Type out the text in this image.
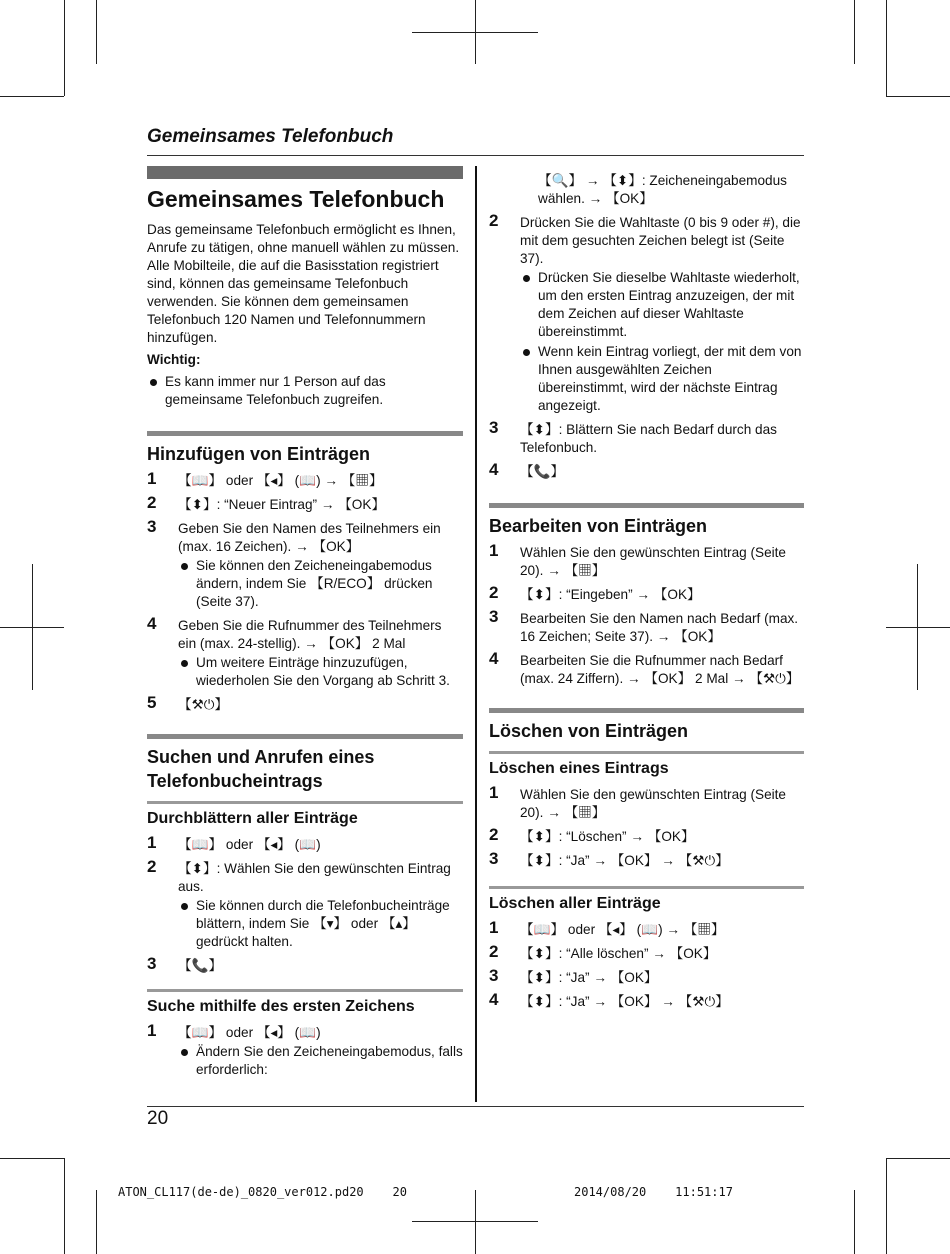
Gemeinsames Telefonbuch
Gemeinsames Telefonbuch

Das gemeinsame Telefonbuch ermöglicht es Ihnen, Anrufe zu tätigen, ohne manuell wählen zu müssen. Alle Mobilteile, die auf die Basisstation registriert sind, können das gemeinsame Telefonbuch verwenden. Sie können dem gemeinsamen Telefonbuch 120 Namen und Telefonnummern hinzufügen.

Wichtig:

Es kann immer nur 1 Person auf das gemeinsame Telefonbuch zugreifen.
Hinzufügen von Einträgen
1 【📖】 oder 【◂】 (📖) → 【▦】
2 【⬍】: “Neuer Eintrag” → 【OK】
3 Geben Sie den Namen des Teilnehmers ein (max. 16 Zeichen). → 【OK】
Sie können den Zeicheneingabemodus ändern, indem Sie 【R/ECO】 drücken (Seite 37).
4 Geben Sie die Rufnummer des Teilnehmers ein (max. 24-stellig). → 【OK】 2 Mal
Um weitere Einträge hinzuzufügen, wiederholen Sie den Vorgang ab Schritt 3.
5 【⚒⏻】
Suchen und Anrufen eines Telefonbucheintrags
Durchblättern aller Einträge
1 【📖】 oder 【◂】 (📖)
2 【⬍】: Wählen Sie den gewünschten Eintrag aus.
Sie können durch die Telefonbucheinträge blättern, indem Sie 【▾】 oder 【▴】 gedrückt halten.
3 【📞】
Suche mithilfe des ersten Zeichens
1 【📖】 oder 【◂】 (📖)
Ändern Sie den Zeicheneingabemodus, falls erforderlich:
【🔍】 → 【⬍】: Zeicheneingabemodus wählen. → 【OK】
2 Drücken Sie die Wahltaste (0 bis 9 oder #), die mit dem gesuchten Zeichen belegt ist (Seite 37).
Drücken Sie dieselbe Wahltaste wiederholt, um den ersten Eintrag anzuzeigen, der mit dem Zeichen auf dieser Wahltaste übereinstimmt.
Wenn kein Eintrag vorliegt, der mit dem von Ihnen ausgewählten Zeichen übereinstimmt, wird der nächste Eintrag angezeigt.
3 【⬍】: Blättern Sie nach Bedarf durch das Telefonbuch.
4 【📞】
Bearbeiten von Einträgen
1 Wählen Sie den gewünschten Eintrag (Seite 20). → 【▦】
2 【⬍】: “Eingeben” → 【OK】
3 Bearbeiten Sie den Namen nach Bedarf (max. 16 Zeichen; Seite 37). → 【OK】
4 Bearbeiten Sie die Rufnummer nach Bedarf (max. 24 Ziffern). → 【OK】 2 Mal → 【⚒⏻】
Löschen von Einträgen
Löschen eines Eintrags
1 Wählen Sie den gewünschten Eintrag (Seite 20). → 【▦】
2 【⬍】: “Löschen” → 【OK】
3 【⬍】: “Ja” → 【OK】 → 【⚒⏻】
Löschen aller Einträge
1 【📖】 oder 【◂】 (📖) → 【▦】
2 【⬍】: “Alle löschen” → 【OK】
3 【⬍】: “Ja” → 【OK】
4 【⬍】: “Ja” → 【OK】 → 【⚒⏻】
20
ATON_CL117(de-de)_0820_ver012.pd20    20	2014/08/20    11:51:17
